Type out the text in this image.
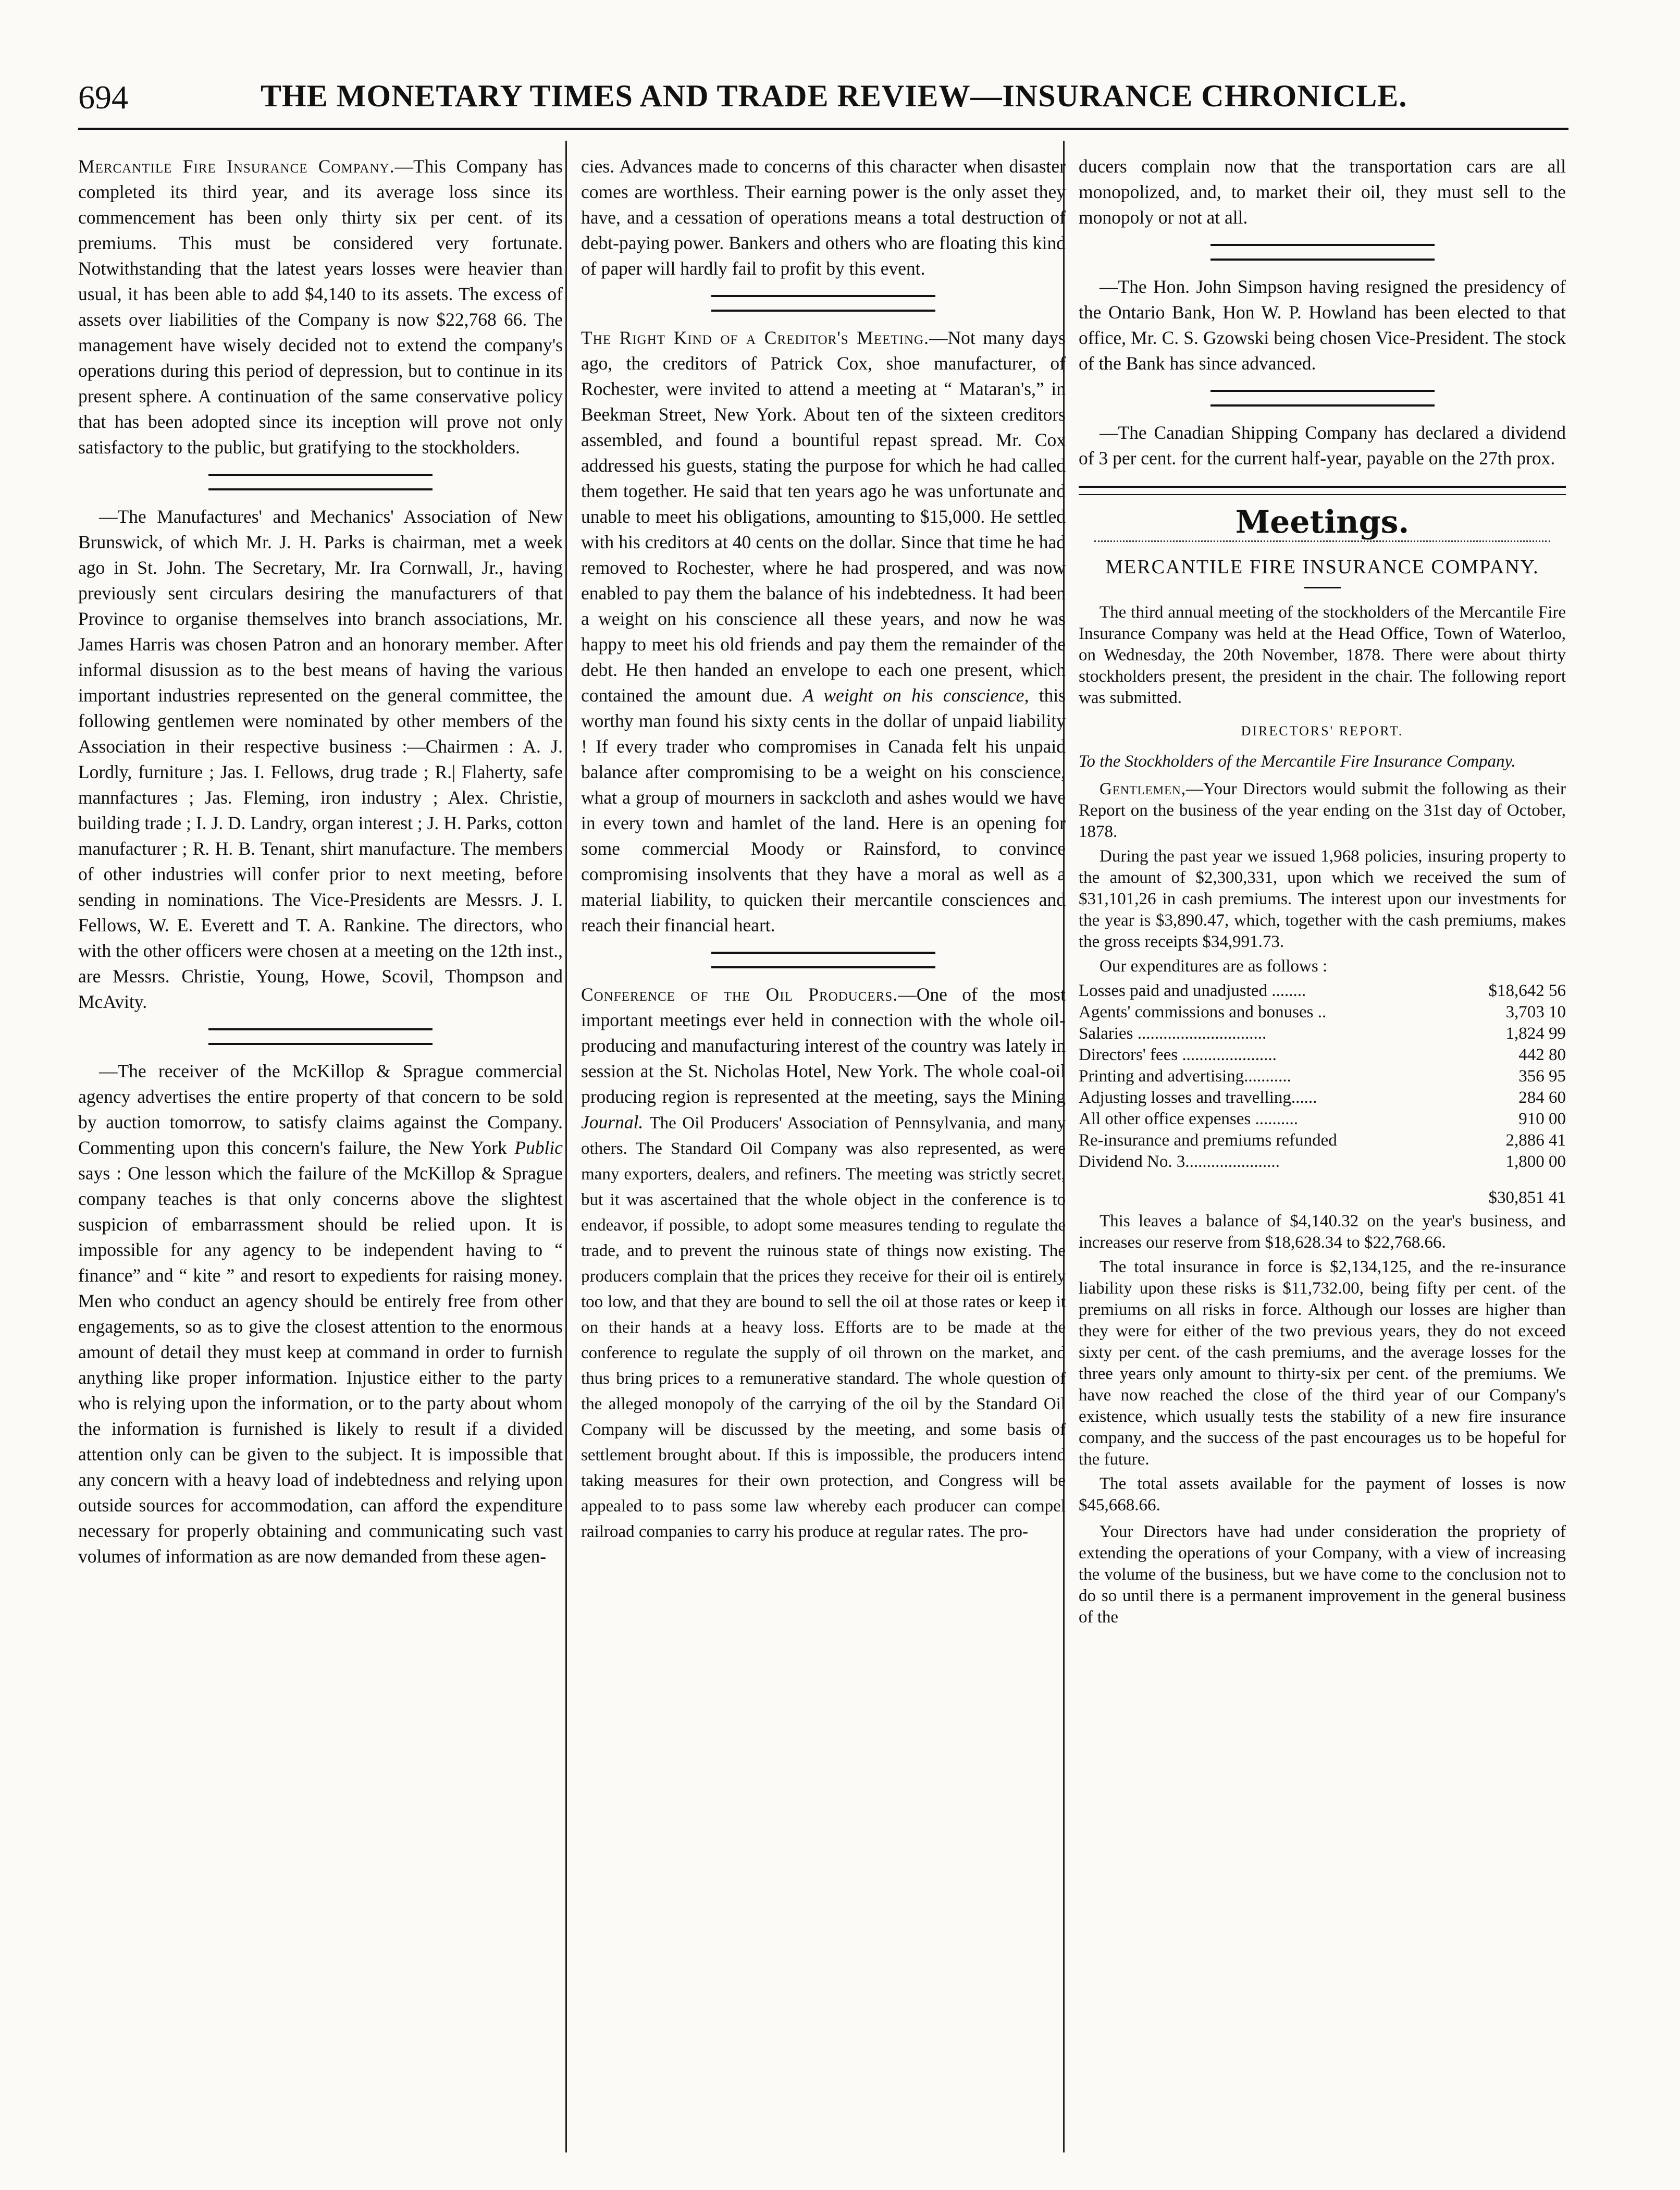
694	THE MONETARY TIMES AND TRADE REVIEW—INSURANCE CHRONICLE.

Mercantile Fire Insurance Company.—This Company has completed its third year, and its average loss since its commencement has been only thirty six per cent. of its premiums. This must be considered very fortunate. Notwithstanding that the latest years losses were heavier than usual, it has been able to add $4,140 to its assets. The excess of assets over liabilities of the Company is now $22,768 66. The management have wisely decided not to extend the company's operations during this period of depression, but to continue in its present sphere. A continuation of the same conservative policy that has been adopted since its inception will prove not only satisfactory to the public, but gratifying to the stockholders.

—The Manufactures' and Mechanics' Association of New Brunswick, of which Mr. J. H. Parks is chairman, met a week ago in St. John. The Secretary, Mr. Ira Cornwall, Jr., having previously sent circulars desiring the manufacturers of that Province to organise themselves into branch associations, Mr. James Harris was chosen Patron and an honorary member. After informal disussion as to the best means of having the various important industries represented on the general committee, the following gentlemen were nominated by other members of the Association in their respective business :—Chairmen : A. J. Lordly, furniture ; Jas. I. Fellows, drug trade ; R.| Flaherty, safe mannfactures ; Jas. Fleming, iron industry ; Alex. Christie, building trade ; I. J. D. Landry, organ interest ; J. H. Parks, cotton manufacturer ; R. H. B. Tenant, shirt manufacture. The members of other industries will confer prior to next meeting, before sending in nominations. The Vice-Presidents are Messrs. J. I. Fellows, W. E. Everett and T. A. Rankine. The directors, who with the other officers were chosen at a meeting on the 12th inst., are Messrs. Christie, Young, Howe, Scovil, Thompson and McAvity.

—The receiver of the McKillop & Sprague commercial agency advertises the entire property of that concern to be sold by auction tomorrow, to satisfy claims against the Company. Commenting upon this concern's failure, the New York Public says : One lesson which the failure of the McKillop & Sprague company teaches is that only concerns above the slightest suspicion of embarrassment should be relied upon. It is impossible for any agency to be independent having to “ finance” and “ kite ” and resort to expedients for raising money. Men who conduct an agency should be entirely free from other engagements, so as to give the closest attention to the enormous amount of detail they must keep at command in order to furnish anything like proper information. Injustice either to the party who is relying upon the information, or to the party about whom the information is furnished is likely to result if a divided attention only can be given to the subject. It is impossible that any concern with a heavy load of indebtedness and relying upon outside sources for accommodation, can afford the expenditure necessary for properly obtaining and communicating such vast volumes of information as are now demanded from these agen-

cies. Advances made to concerns of this character when disaster comes are worthless. Their earning power is the only asset they have, and a cessation of operations means a total destruction of debt-paying power. Bankers and others who are floating this kind of paper will hardly fail to profit by this event.

The Right Kind of a Creditor's Meeting.—Not many days ago, the creditors of Patrick Cox, shoe manufacturer, of Rochester, were invited to attend a meeting at “ Mataran's,” in Beekman Street, New York. About ten of the sixteen creditors assembled, and found a bountiful repast spread. Mr. Cox addressed his guests, stating the purpose for which he had called them together. He said that ten years ago he was unfortunate and unable to meet his obligations, amounting to $15,000. He settled with his creditors at 40 cents on the dollar. Since that time he had removed to Rochester, where he had prospered, and was now enabled to pay them the balance of his indebtedness. It had been a weight on his conscience all these years, and now he was happy to meet his old friends and pay them the remainder of the debt. He then handed an envelope to each one present, which contained the amount due. A weight on his conscience, this worthy man found his sixty cents in the dollar of unpaid liability ! If every trader who compromises in Canada felt his unpaid balance after compromising to be a weight on his conscience, what a group of mourners in sackcloth and ashes would we have in every town and hamlet of the land. Here is an opening for some commercial Moody or Rainsford, to convince compromising insolvents that they have a moral as well as a material liability, to quicken their mercantile consciences and reach their financial heart.

Conference of the Oil Producers.—One of the most important meetings ever held in connection with the whole oil-producing and manufacturing interest of the country was lately in session at the St. Nicholas Hotel, New York. The whole coal-oil producing region is represented at the meeting, says the Mining Journal. The Oil Producers' Association of Pennsylvania, and many others. The Standard Oil Company was also represented, as were many exporters, dealers, and refiners. The meeting was strictly secret, but it was ascertained that the whole object in the conference is to endeavor, if possible, to adopt some measures tending to regulate the trade, and to prevent the ruinous state of things now existing. The producers complain that the prices they receive for their oil is entirely too low, and that they are bound to sell the oil at those rates or keep it on their hands at a heavy loss. Efforts are to be made at the conference to regulate the supply of oil thrown on the market, and thus bring prices to a remunerative standard. The whole question of the alleged monopoly of the carrying of the oil by the Standard Oil Company will be discussed by the meeting, and some basis of settlement brought about. If this is impossible, the producers intend taking measures for their own protection, and Congress will be appealed to to pass some law whereby each producer can compel railroad companies to carry his produce at regular rates. The pro-

ducers complain now that the transportation cars are all monopolized, and, to market their oil, they must sell to the monopoly or not at all.

—The Hon. John Simpson having resigned the presidency of the Ontario Bank, Hon W. P. Howland has been elected to that office, Mr. C. S. Gzowski being chosen Vice-President. The stock of the Bank has since advanced.

—The Canadian Shipping Company has declared a dividend of 3 per cent. for the current half-year, payable on the 27th prox.

Meetings.
MERCANTILE FIRE INSURANCE COMPANY.

The third annual meeting of the stockholders of the Mercantile Fire Insurance Company was held at the Head Office, Town of Waterloo, on Wednesday, the 20th November, 1878. There were about thirty stockholders present, the president in the chair. The following report was submitted.

DIRECTORS' REPORT.

To the Stockholders of the Mercantile Fire Insurance Company.

Gentlemen,—Your Directors would submit the following as their Report on the business of the year ending on the 31st day of October, 1878.

During the past year we issued 1,968 policies, insuring property to the amount of $2,300,331, upon which we received the sum of $31,101,26 in cash premiums. The interest upon our investments for the year is $3,890.47, which, together with the cash premiums, makes the gross receipts $34,991.73.

Our expenditures are as follows :

Losses paid and unadjusted ........	$18,642 56
Agents' commissions and bonuses ..	3,703 10
Salaries ..............................	1,824 99
Directors' fees ......................	442 80
Printing and advertising...........	356 95
Adjusting losses and travelling......	284 60
All other office expenses ..........	910 00
Re-insurance and premiums refunded	2,886 41
Dividend No. 3......................	1,800 00
$30,851 41

This leaves a balance of $4,140.32 on the year's business, and increases our reserve from $18,628.34 to $22,768.66.

The total insurance in force is $2,134,125, and the re-insurance liability upon these risks is $11,732.00, being fifty per cent. of the premiums on all risks in force. Although our losses are higher than they were for either of the two previous years, they do not exceed sixty per cent. of the cash premiums, and the average losses for the three years only amount to thirty-six per cent. of the premiums. We have now reached the close of the third year of our Company's existence, which usually tests the stability of a new fire insurance company, and the success of the past encourages us to be hopeful for the future.

The total assets available for the payment of losses is now $45,668.66.

Your Directors have had under consideration the propriety of extending the operations of your Company, with a view of increasing the volume of the business, but we have come to the conclusion not to do so until there is a permanent improvement in the general business of the
